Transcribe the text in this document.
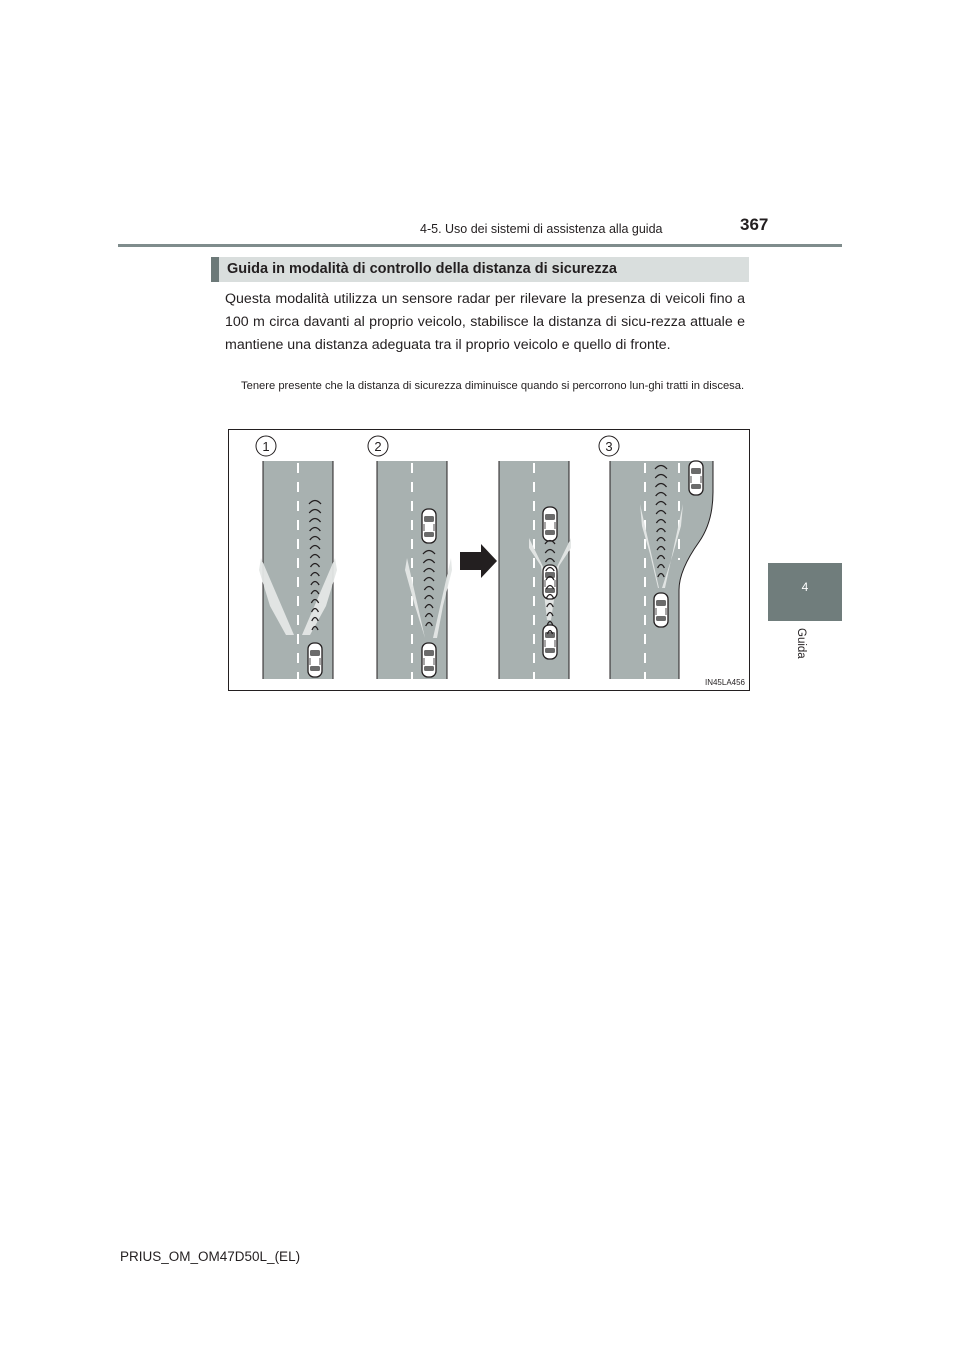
4-5. Uso dei sistemi di assistenza alla guida	367
4
Guida
Guida in modalità di controllo della distanza di sicurezza

Questa modalità utilizza un sensore radar per rilevare la presenza di veicoli fino a 100 m circa davanti al proprio veicolo, stabilisce la distanza di sicu-rezza attuale e mantiene una distanza adeguata tra il proprio veicolo e quello di fronte.

Tenere presente che la distanza di sicurezza diminuisce quando si percorrono lun-ghi tratti in discesa.

1	2	3
IN45LA456
PRIUS_OM_OM47D50L_(EL)
